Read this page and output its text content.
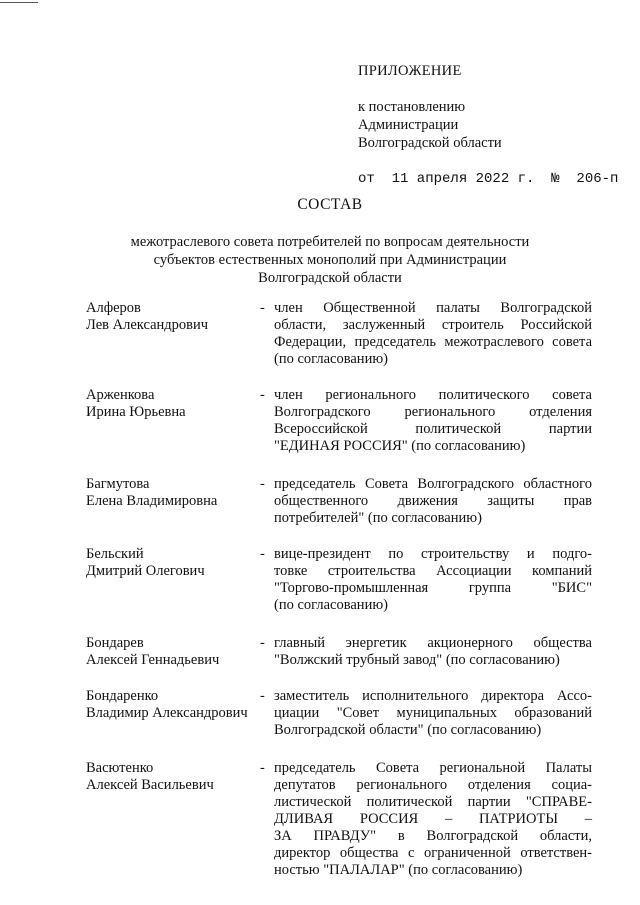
ПРИЛОЖЕНИЕ
к постановлению
Администрации
Волгоградской области
от  11 апреля 2022 г.  №  206-п
СОСТАВ
межотраслевого совета потребителей по вопросам деятельности
субъектов естественных монополий при Администрации
Волгоградской области
Алферов
Лев Александрович
- член Общественной палаты Волгоградской
области, заслуженный строитель Российской
Федерации, председатель межотраслевого совета
(по согласованию)
Арженкова
Ирина Юрьевна
- член регионального политического совета
Волгоградского регионального отделения
Всероссийской политической партии
"ЕДИНАЯ РОССИЯ" (по согласованию)
Багмутова
Елена Владимировна
- председатель Совета Волгоградского областного
общественного движения защиты прав
потребителей" (по согласованию)
Бельский
Дмитрий Олегович
- вице-президент по строительству и подго-
товке строительства Ассоциации компаний
"Торгово-промышленная группа "БИС"
(по согласованию)
Бондарев
Алексей Геннадьевич
- главный энергетик акционерного общества
"Волжский трубный завод" (по согласованию)
Бондаренко
Владимир Александрович
- заместитель исполнительного директора Ассо-
циации "Совет муниципальных образований
Волгоградской области" (по согласованию)
Васютенко
Алексей Васильевич
- председатель Совета региональной Палаты
депутатов регионального отделения социа-
листической политической партии "СПРАВЕ-
ДЛИВАЯ РОССИЯ – ПАТРИОТЫ –
ЗА ПРАВДУ" в Волгоградской области,
директор общества с ограниченной ответствен-
ностью "ПАЛАЛАР" (по согласованию)
